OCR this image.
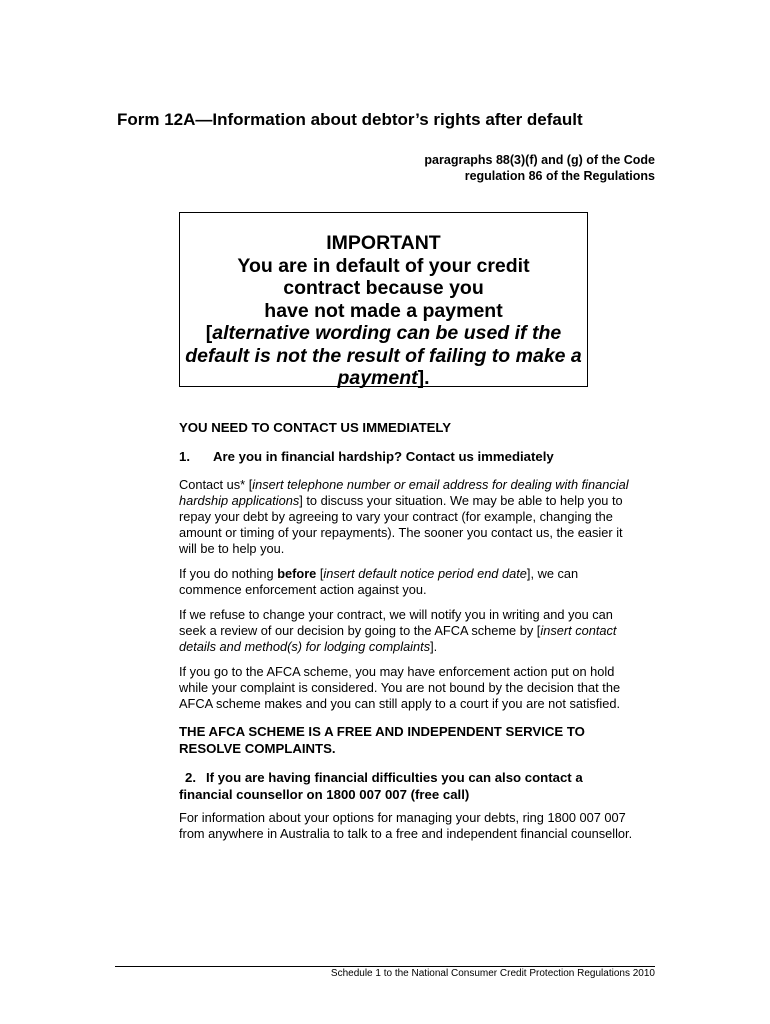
Form 12A—Information about debtor’s rights after default
paragraphs 88(3)(f) and (g) of the Code
regulation 86 of the Regulations
IMPORTANT
You are in default of your credit
contract because you
have not made a payment
[alternative wording can be used if the default is not the result of failing to make a payment].
YOU NEED TO CONTACT US IMMEDIATELY
1.	Are you in financial hardship? Contact us immediately

Contact us* [insert telephone number or email address for dealing with financial hardship applications] to discuss your situation. We may be able to help you to repay your debt by agreeing to vary your contract (for example, changing the amount or timing of your repayments). The sooner you contact us, the easier it will be to help you.

If you do nothing before [insert default notice period end date], we can commence enforcement action against you.

If we refuse to change your contract, we will notify you in writing and you can seek a review of our decision by going to the AFCA scheme by [insert contact details and method(s) for lodging complaints].

If you go to the AFCA scheme, you may have enforcement action put on hold while your complaint is considered. You are not bound by the decision that the AFCA scheme makes and you can still apply to a court if you are not satisfied.

THE AFCA SCHEME IS A FREE AND INDEPENDENT SERVICE TO RESOLVE COMPLAINTS.
2. If you are having financial difficulties you can also contact a financial counsellor on 1800 007 007 (free call)

For information about your options for managing your debts, ring 1800 007 007 from anywhere in Australia to talk to a free and independent financial counsellor.

Schedule 1 to the National Consumer Credit Protection Regulations 2010
